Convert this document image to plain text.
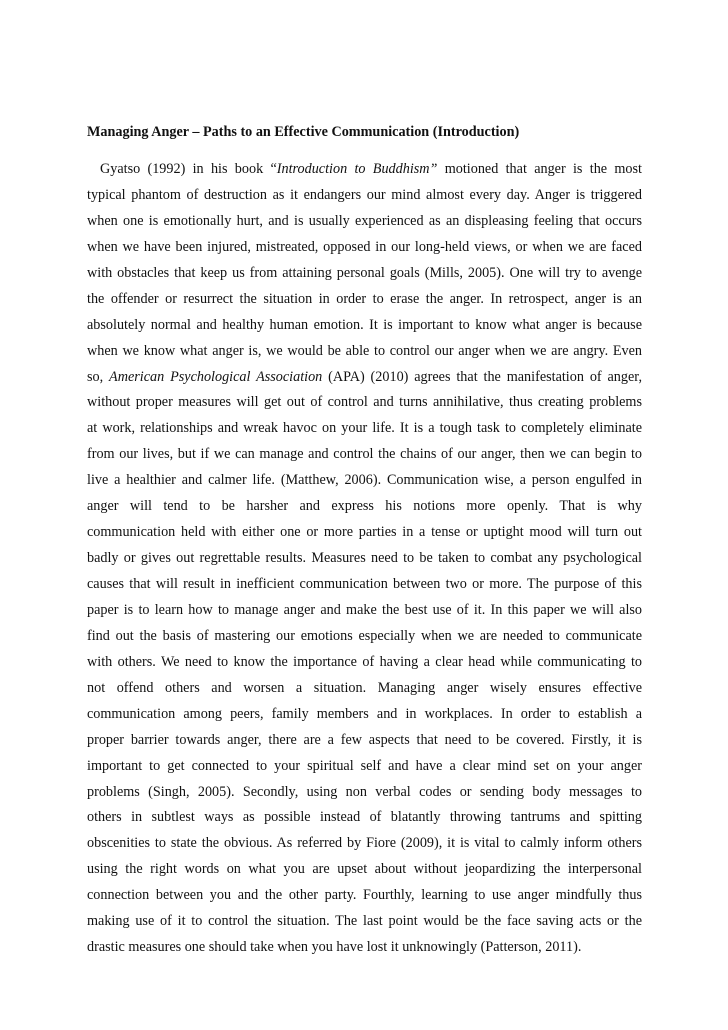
Managing Anger – Paths to an Effective Communication (Introduction)
Gyatso (1992) in his book “Introduction to Buddhism” motioned that anger is the most
typical phantom of destruction as it endangers our mind almost every day. Anger is triggered
when one is emotionally hurt, and is usually experienced as an displeasing feeling that occurs
when we have been injured, mistreated, opposed in our long-held views, or when we are faced
with obstacles that keep us from attaining personal goals (Mills, 2005). One will try to avenge
the offender or resurrect the situation in order to erase the anger. In retrospect, anger is an
absolutely normal and healthy human emotion. It is important to know what anger is because
when we know what anger is, we would be able to control our anger when we are angry. Even
so, American Psychological Association (APA) (2010) agrees that the manifestation of anger,
without proper measures will get out of control and turns annihilative, thus creating problems
at work, relationships and wreak havoc on your life. It is a tough task to completely eliminate
from our lives, but if we can manage and control the chains of our anger, then we can begin to
live a healthier and calmer life. (Matthew, 2006). Communication wise, a person engulfed in
anger will tend to be harsher and express his notions more openly. That is why
communication held with either one or more parties in a tense or uptight mood will turn out
badly or gives out regrettable results. Measures need to be taken to combat any psychological
causes that will result in inefficient communication between two or more. The purpose of this
paper is to learn how to manage anger and make the best use of it. In this paper we will also
find out the basis of mastering our emotions especially when we are needed to communicate
with others. We need to know the importance of having a clear head while communicating to
not offend others and worsen a situation. Managing anger wisely ensures effective
communication among peers, family members and in workplaces. In order to establish a
proper barrier towards anger, there are a few aspects that need to be covered. Firstly, it is
important to get connected to your spiritual self and have a clear mind set on your anger
problems (Singh, 2005). Secondly, using non verbal codes or sending body messages to
others in subtlest ways as possible instead of blatantly throwing tantrums and spitting
obscenities to state the obvious. As referred by Fiore (2009), it is vital to calmly inform others
using the right words on what you are upset about without jeopardizing the interpersonal
connection between you and the other party. Fourthly, learning to use anger mindfully thus
making use of it to control the situation. The last point would be the face saving acts or the
drastic measures one should take when you have lost it unknowingly (Patterson, 2011).
